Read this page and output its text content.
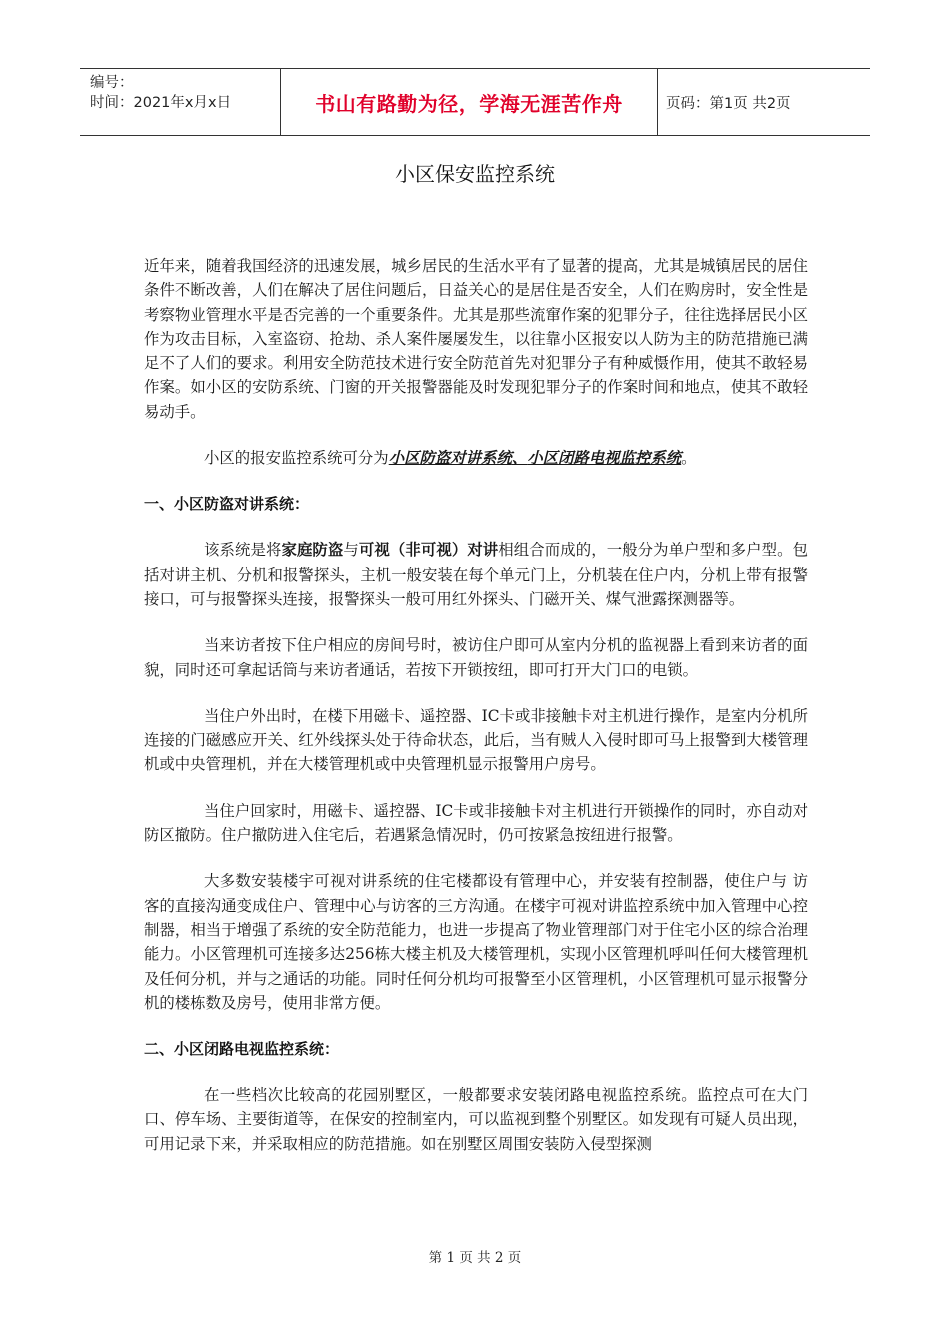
编号：
时间：2021年x月x日	书山有路勤为径，学海无涯苦作舟	页码：第1页 共2页
小区保安监控系统

近年来，随着我国经济的迅速发展，城乡居民的生活水平有了显著的提高，尤其是城镇居民的居住条件不断改善，人们在解决了居住问题后，日益关心的是居住是否安全，人们在购房时，安全性是考察物业管理水平是否完善的一个重要条件。尤其是那些流窜作案的犯罪分子，往往选择居民小区作为攻击目标，入室盗窃、抢劫、杀人案件屡屡发生，以往靠小区报安以人防为主的防范措施已满足不了人们的要求。利用安全防范技术进行安全防范首先对犯罪分子有种威慑作用，使其不敢轻易作案。如小区的安防系统、门窗的开关报警器能及时发现犯罪分子的作案时间和地点，使其不敢轻易动手。

小区的报安监控系统可分为小区防盗对讲系统、小区闭路电视监控系统。

一、小区防盗对讲系统：

该系统是将家庭防盗与可视（非可视）对讲相组合而成的，一般分为单户型和多户型。包括对讲主机、分机和报警探头，主机一般安装在每个单元门上，分机装在住户内，分机上带有报警接口，可与报警探头连接，报警探头一般可用红外探头、门磁开关、煤气泄露探测器等。

当来访者按下住户相应的房间号时，被访住户即可从室内分机的监视器上看到来访者的面貌，同时还可拿起话筒与来访者通话，若按下开锁按纽，即可打开大门口的电锁。

当住户外出时，在楼下用磁卡、遥控器、IC卡或非接触卡对主机进行操作，是室内分机所连接的门磁感应开关、红外线探头处于待命状态，此后，当有贼人入侵时即可马上报警到大楼管理机或中央管理机，并在大楼管理机或中央管理机显示报警用户房号。

当住户回家时，用磁卡、遥控器、IC卡或非接触卡对主机进行开锁操作的同时，亦自动对防区撤防。住户撤防进入住宅后，若遇紧急情况时，仍可按紧急按纽进行报警。

大多数安装楼宇可视对讲系统的住宅楼都设有管理中心，并安装有控制器，使住户与 访客的直接沟通变成住户、管理中心与访客的三方沟通。在楼宇可视对讲监控系统中加入管理中心控制器，相当于增强了系统的安全防范能力，也进一步提高了物业管理部门对于住宅小区的综合治理能力。小区管理机可连接多达256栋大楼主机及大楼管理机，实现小区管理机呼叫任何大楼管理机及任何分机，并与之通话的功能。同时任何分机均可报警至小区管理机，小区管理机可显示报警分机的楼栋数及房号，使用非常方便。

二、小区闭路电视监控系统：

在一些档次比较高的花园别墅区，一般都要求安装闭路电视监控系统。监控点可在大门口、停车场、主要街道等，在保安的控制室内，可以监视到整个别墅区。如发现有可疑人员出现，可用记录下来，并采取相应的防范措施。如在别墅区周围安装防入侵型探测

第 1 页 共 2 页
